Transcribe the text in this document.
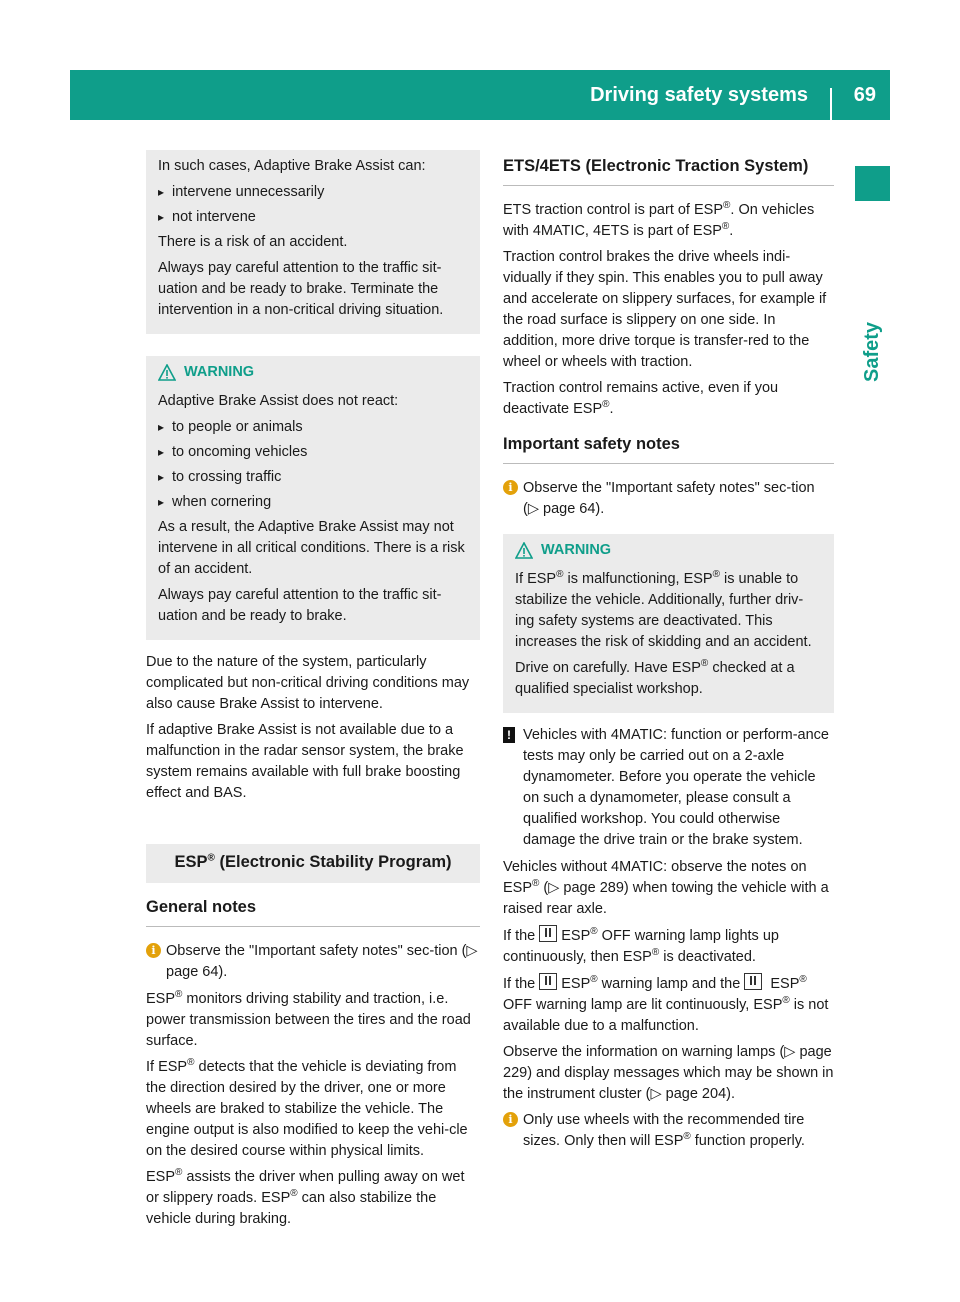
Driving safety systems	69
Safety

In such cases, Adaptive Brake Assist can:

▸ intervene unnecessarily
▸ not intervene

There is a risk of an accident.

Always pay careful attention to the traffic sit-uation and be ready to brake. Terminate the intervention in a non-critical driving situation.

WARNING

Adaptive Brake Assist does not react:

▸ to people or animals
▸ to oncoming vehicles
▸ to crossing traffic
▸ when cornering

As a result, the Adaptive Brake Assist may not intervene in all critical conditions. There is a risk of an accident.

Always pay careful attention to the traffic sit-uation and be ready to brake.

Due to the nature of the system, particularly complicated but non-critical driving conditions may also cause Brake Assist to intervene.

If adaptive Brake Assist is not available due to a malfunction in the radar sensor system, the brake system remains available with full brake boosting effect and BAS.

ESP® (Electronic Stability Program)
General notes
i Observe the "Important safety notes" sec-tion (▷ page 64).

ESP® monitors driving stability and traction, i.e. power transmission between the tires and the road surface.

If ESP® detects that the vehicle is deviating from the direction desired by the driver, one or more wheels are braked to stabilize the vehicle. The engine output is also modified to keep the vehi-cle on the desired course within physical limits.

ESP® assists the driver when pulling away on wet or slippery roads. ESP® can also stabilize the vehicle during braking.

ETS/4ETS (Electronic Traction System)

ETS traction control is part of ESP®. On vehicles with 4MATIC, 4ETS is part of ESP®.

Traction control brakes the drive wheels indi-vidually if they spin. This enables you to pull away and accelerate on slippery surfaces, for example if the road surface is slippery on one side. In addition, more drive torque is transfer-red to the wheel or wheels with traction.

Traction control remains active, even if you deactivate ESP®.

Important safety notes
i Observe the "Important safety notes" sec-tion (▷ page 64).
WARNING

If ESP® is malfunctioning, ESP® is unable to stabilize the vehicle. Additionally, further driv-ing safety systems are deactivated. This increases the risk of skidding and an accident.

Drive on carefully. Have ESP® checked at a qualified specialist workshop.

! Vehicles with 4MATIC: function or perform-ance tests may only be carried out on a 2-axle dynamometer. Before you operate the vehicle on such a dynamometer, please consult a qualified workshop. You could otherwise damage the drive train or the brake system.

Vehicles without 4MATIC: observe the notes on ESP® (▷ page 289) when towing the vehicle with a raised rear axle.

If the ESP® OFF warning lamp lights up continuously, then ESP® is deactivated.

If the ESP® warning lamp and the ESP® OFF warning lamp are lit continuously, ESP® is not available due to a malfunction.

Observe the information on warning lamps (▷ page 229) and display messages which may be shown in the instrument cluster (▷ page 204).

i Only use wheels with the recommended tire sizes. Only then will ESP® function properly.
